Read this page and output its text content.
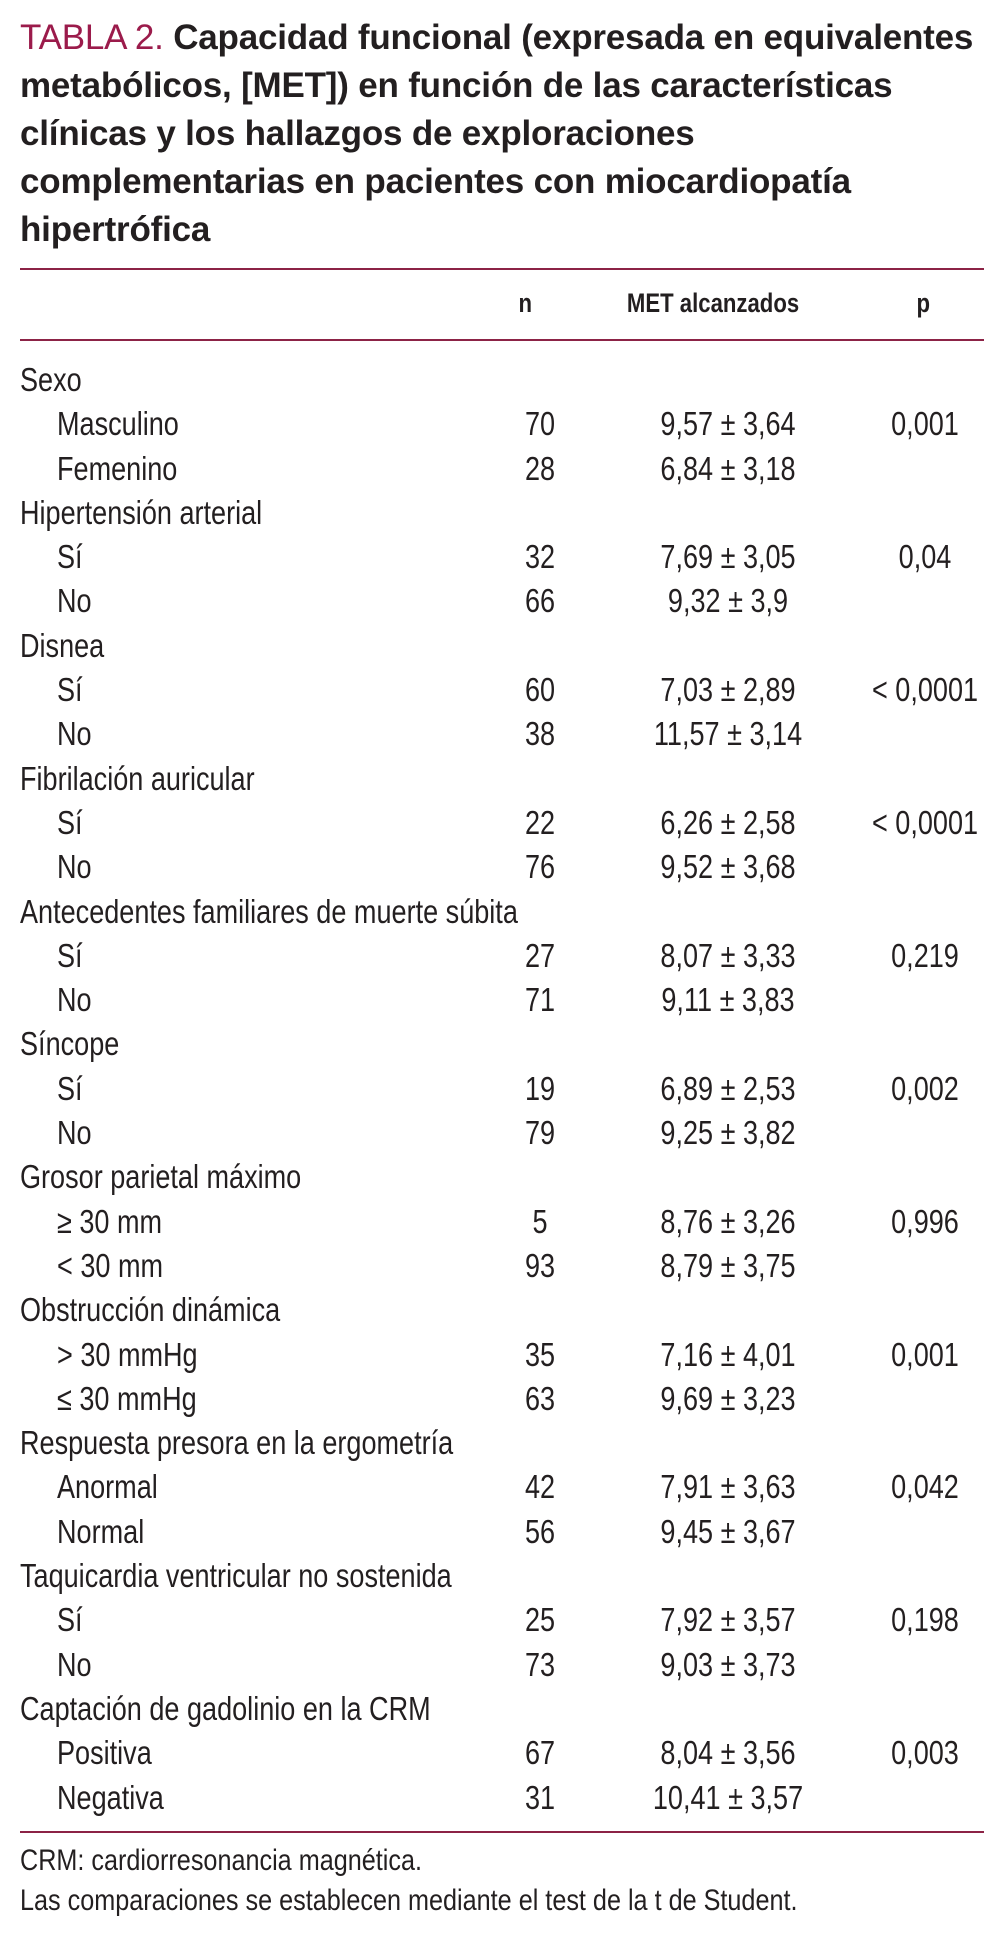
TABLA 2. Capacidad funcional (expresada en equivalentes metabólicos, [MET]) en función de las características clínicas y los hallazgos de exploraciones complementarias en pacientes con miocardiopatía hipertrófica
n	MET alcanzados	p
Sexo
Masculino	70	9,57 ± 3,64	0,001
Femenino	28	6,84 ± 3,18
Hipertensión arterial
Sí	32	7,69 ± 3,05	0,04
No	66	9,32 ± 3,9
Disnea
Sí	60	7,03 ± 2,89	< 0,0001
No	38	11,57 ± 3,14
Fibrilación auricular
Sí	22	6,26 ± 2,58	< 0,0001
No	76	9,52 ± 3,68
Antecedentes familiares de muerte súbita
Sí	27	8,07 ± 3,33	0,219
No	71	9,11 ± 3,83
Síncope
Sí	19	6,89 ± 2,53	0,002
No	79	9,25 ± 3,82
Grosor parietal máximo
≥ 30 mm	5	8,76 ± 3,26	0,996
< 30 mm	93	8,79 ± 3,75
Obstrucción dinámica
> 30 mmHg	35	7,16 ± 4,01	0,001
≤ 30 mmHg	63	9,69 ± 3,23
Respuesta presora en la ergometría
Anormal	42	7,91 ± 3,63	0,042
Normal	56	9,45 ± 3,67
Taquicardia ventricular no sostenida
Sí	25	7,92 ± 3,57	0,198
No	73	9,03 ± 3,73
Captación de gadolinio en la CRM
Positiva	67	8,04 ± 3,56	0,003
Negativa	31	10,41 ± 3,57
CRM: cardiorresonancia magnética.
Las comparaciones se establecen mediante el test de la t de Student.
